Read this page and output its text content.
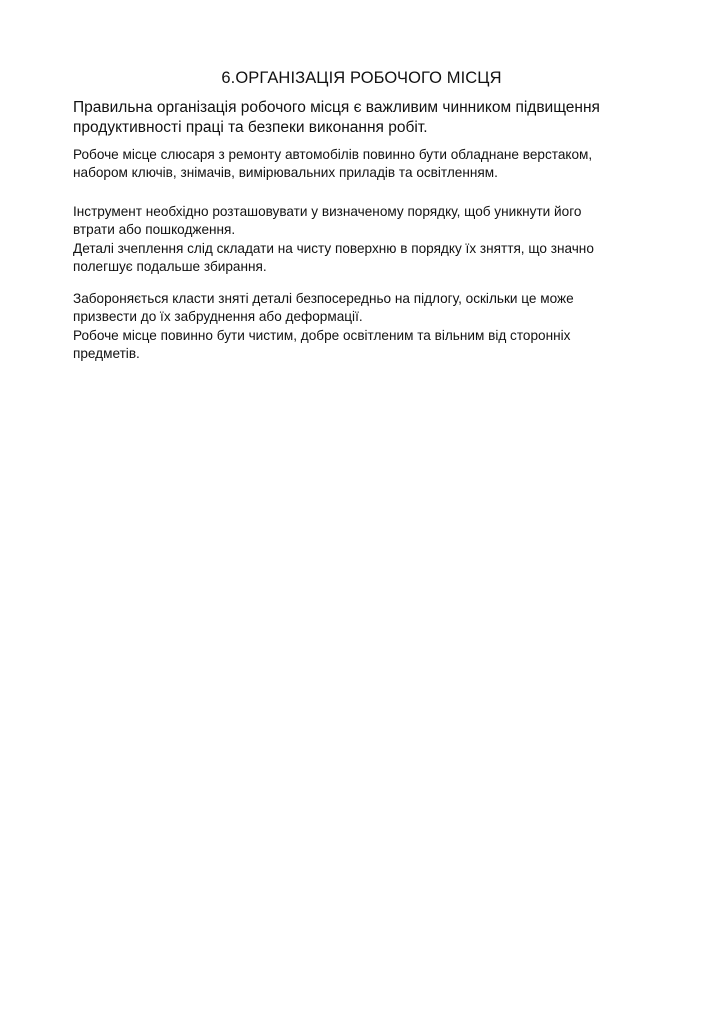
6.ОРГАНІЗАЦІЯ РОБОЧОГО МІСЦЯ

Правильна організація робочого місця є важливим чинником підвищення
продуктивності праці та безпеки виконання робіт.

Робоче місце слюсаря з ремонту автомобілів повинно бути обладнане верстаком,
набором ключів, знімачів, вимірювальних приладів та освітленням.

Інструмент необхідно розташовувати у визначеному порядку, щоб уникнути його
втрати або пошкодження.

Деталі зчеплення слід складати на чисту поверхню в порядку їх зняття, що значно
полегшує подальше збирання.

Забороняється класти зняті деталі безпосередньо на підлогу, оскільки це може
призвести до їх забруднення або деформації.

Робоче місце повинно бути чистим, добре освітленим та вільним від сторонніх
предметів.
